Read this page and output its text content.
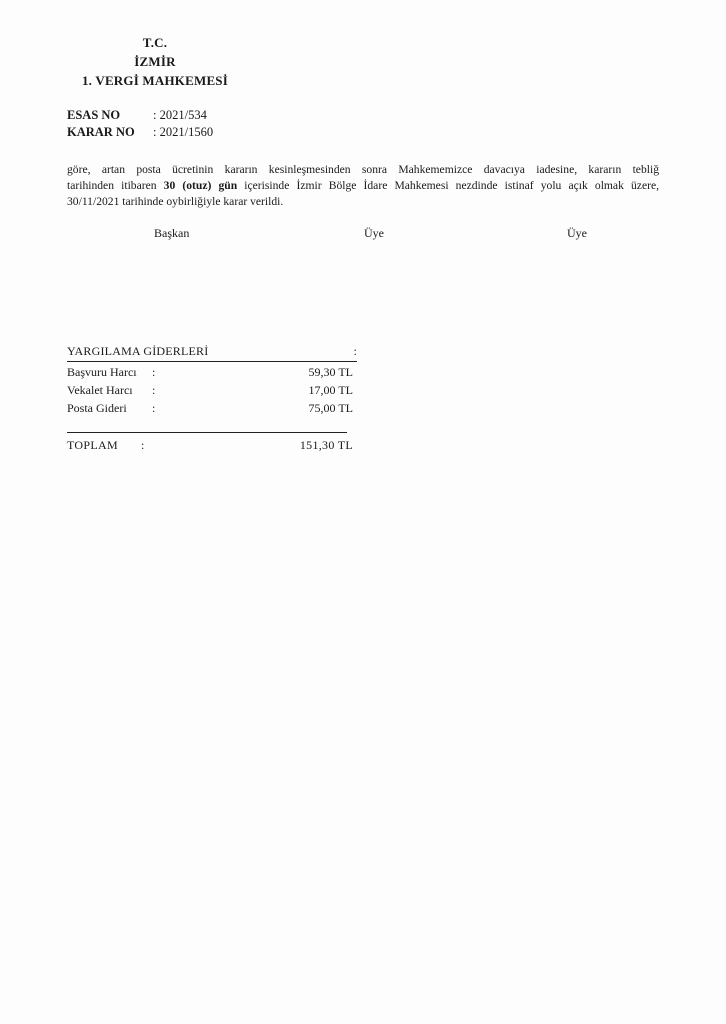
T.C.
İZMİR
1. VERGİ MAHKEMESİ
ESAS NO	: 2021/534
KARAR NO	: 2021/1560
göre, artan posta ücretinin kararın kesinleşmesinden sonra Mahkememizce davacıya iadesine, kararın tebliğ
tarihinden itibaren 30 (otuz) gün içerisinde İzmir Bölge İdare Mahkemesi nezdinde istinaf yolu açık olmak üzere,
30/11/2021 tarihinde oybirliğiyle karar verildi.
Başkan	Üye	Üye
YARGILAMA GİDERLERİ	:
Başvuru Harcı	:	59,30 TL
Vekalet Harcı	:	17,00 TL
Posta Gideri	:	75,00 TL
TOPLAM	:	151,30 TL
